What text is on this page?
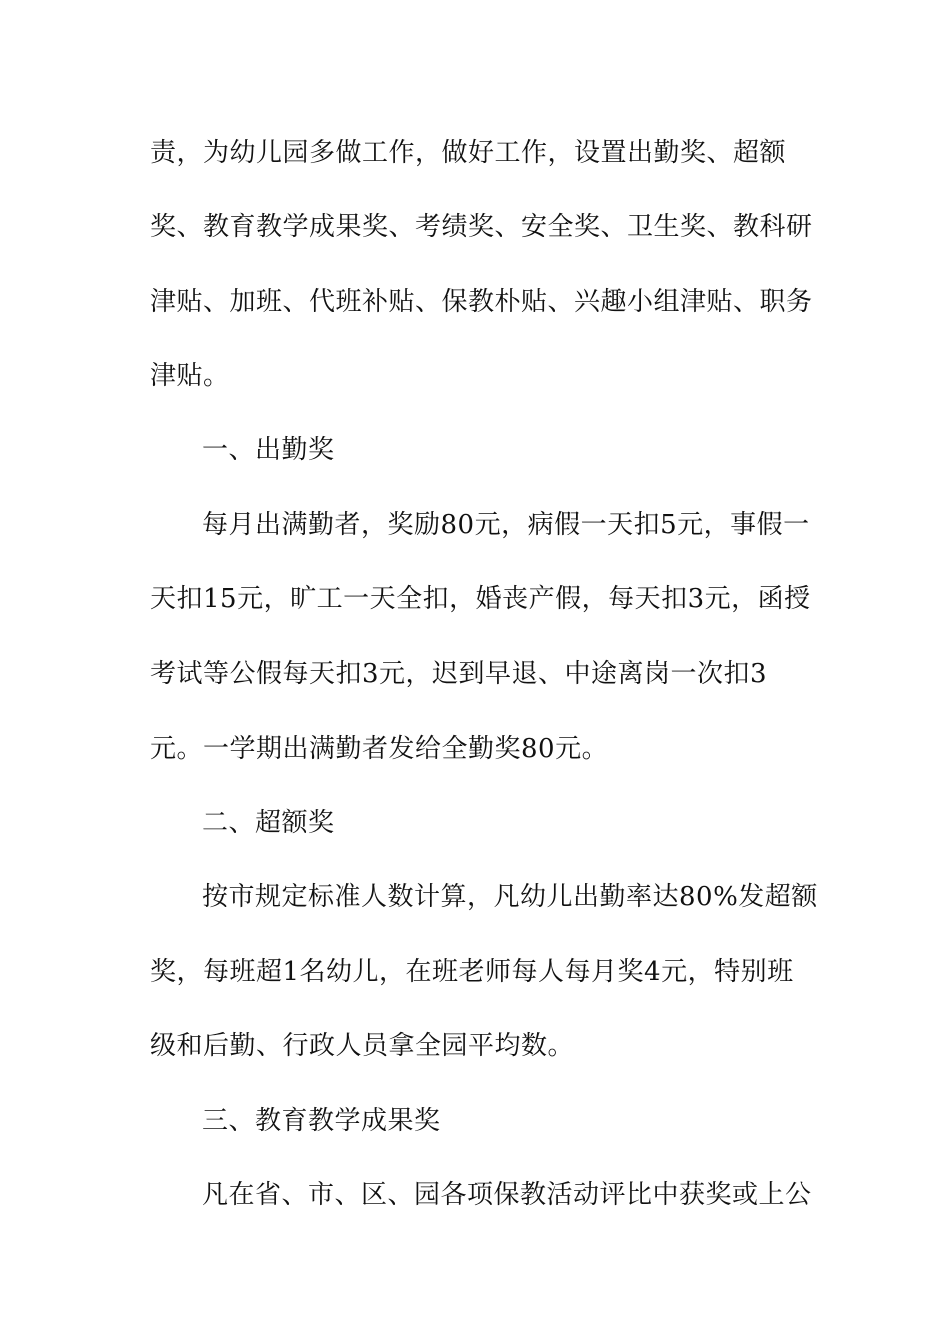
责，为幼儿园多做工作，做好工作，设置出勤奖、超额
奖、教育教学成果奖、考绩奖、安全奖、卫生奖、教科研
津贴、加班、代班补贴、保教朴贴、兴趣小组津贴、职务
津贴。
一、出勤奖
每月出满勤者，奖励80元，病假一天扣5元，事假一
天扣15元，旷工一天全扣，婚丧产假，每天扣3元，函授
考试等公假每天扣3元，迟到早退、中途离岗一次扣3
元。一学期出满勤者发给全勤奖80元。
二、超额奖
按市规定标准人数计算，凡幼儿出勤率达80%发超额
奖，每班超1名幼儿，在班老师每人每月奖4元，特别班
级和后勤、行政人员拿全园平均数。
三、教育教学成果奖
凡在省、市、区、园各项保教活动评比中获奖或上公
